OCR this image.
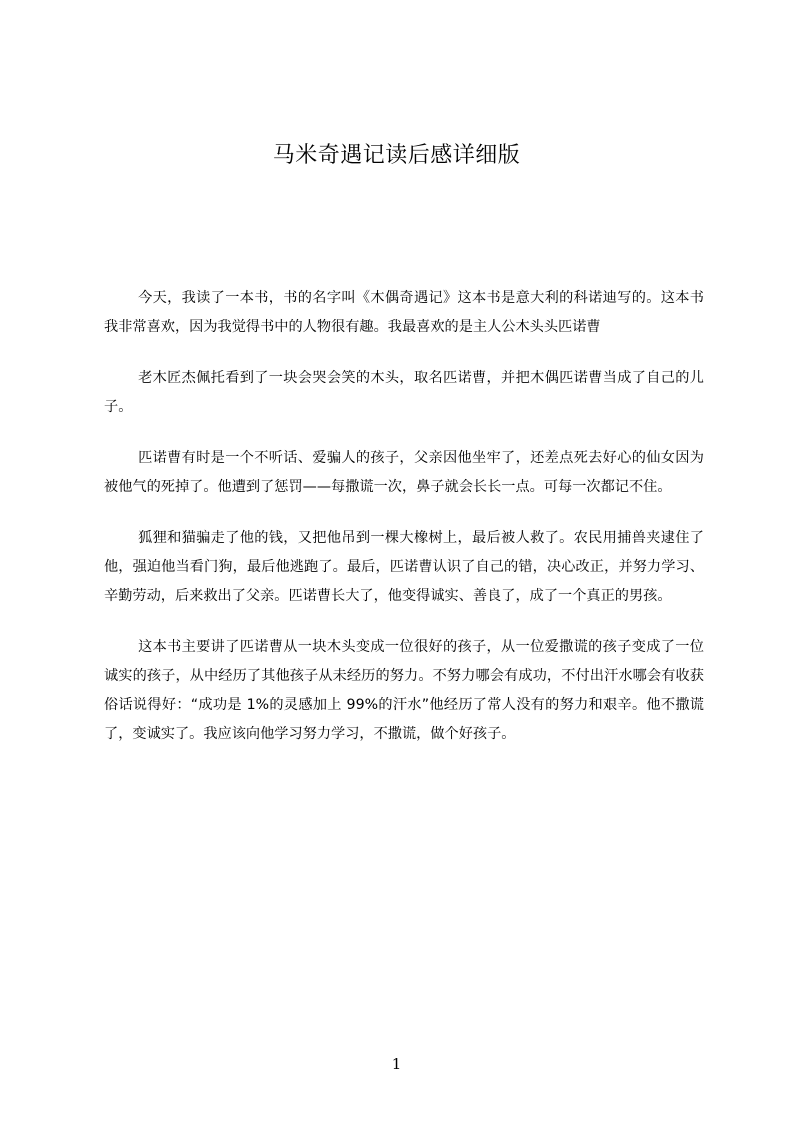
马米奇遇记读后感详细版

今天，我读了一本书，书的名字叫《木偶奇遇记》这本书是意大利的科诺迪写的。这本书我非常喜欢，因为我觉得书中的人物很有趣。我最喜欢的是主人公木头头匹诺曹

老木匠杰佩托看到了一块会哭会笑的木头，取名匹诺曹，并把木偶匹诺曹当成了自己的儿子。

匹诺曹有时是一个不听话、爱骗人的孩子，父亲因他坐牢了，还差点死去好心的仙女因为被他气的死掉了。他遭到了惩罚——每撒谎一次，鼻子就会长长一点。可每一次都记不住。

狐狸和猫骗走了他的钱，又把他吊到一棵大橡树上，最后被人救了。农民用捕兽夹逮住了他，强迫他当看门狗，最后他逃跑了。最后，匹诺曹认识了自己的错，决心改正，并努力学习、辛勤劳动，后来救出了父亲。匹诺曹长大了，他变得诚实、善良了，成了一个真正的男孩。

这本书主要讲了匹诺曹从一块木头变成一位很好的孩子，从一位爱撒谎的孩子变成了一位诚实的孩子，从中经历了其他孩子从未经历的努力。不努力哪会有成功，不付出汗水哪会有收获俗话说得好：“成功是 1%的灵感加上 99%的汗水”他经历了常人没有的努力和艰辛。他不撒谎了，变诚实了。我应该向他学习努力学习，不撒谎，做个好孩子。

1
